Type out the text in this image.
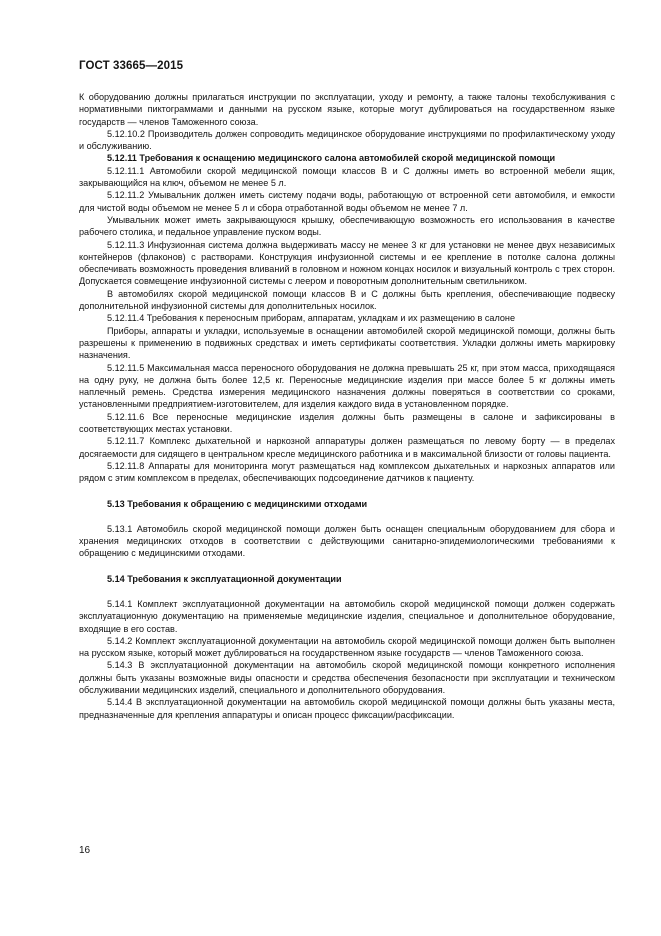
ГОСТ 33665—2015

К оборудованию должны прилагаться инструкции по эксплуатации, уходу и ремонту, а также талоны техобслуживания с нормативными пиктограммами и данными на русском языке, которые могут дублироваться на государственном языке государств — членов Таможенного союза.

5.12.10.2 Производитель должен сопроводить медицинское оборудование инструкциями по профилактическому уходу и обслуживанию.

5.12.11 Требования к оснащению медицинского салона автомобилей скорой медицинской помощи

5.12.11.1 Автомобили скорой медицинской помощи классов В и С должны иметь во встроенной мебели ящик, закрывающийся на ключ, объемом не менее 5 л.

5.12.11.2 Умывальник должен иметь систему подачи воды, работающую от встроенной сети автомобиля, и емкости для чистой воды объемом не менее 5 л и сбора отработанной воды объемом не менее 7 л.

Умывальник может иметь закрывающуюся крышку, обеспечивающую возможность его использования в качестве рабочего столика, и педальное управление пуском воды.

5.12.11.3 Инфузионная система должна выдерживать массу не менее 3 кг для установки не менее двух независимых контейнеров (флаконов) с растворами. Конструкция инфузионной системы и ее крепление в потолке салона должны обеспечивать возможность проведения вливаний в головном и ножном концах носилок и визуальный контроль с трех сторон. Допускается совмещение инфузионной системы с леером и поворотным дополнительным светильником.

В автомобилях скорой медицинской помощи классов В и С должны быть крепления, обеспечивающие подвеску дополнительной инфузионной системы для дополнительных носилок.

5.12.11.4 Требования к переносным приборам, аппаратам, укладкам и их размещению в салоне

Приборы, аппараты и укладки, используемые в оснащении автомобилей скорой медицинской помощи, должны быть разрешены к применению в подвижных средствах и иметь сертификаты соответствия. Укладки должны иметь маркировку назначения.

5.12.11.5 Максимальная масса переносного оборудования не должна превышать 25 кг, при этом масса, приходящаяся на одну руку, не должна быть более 12,5 кг. Переносные медицинские изделия при массе более 5 кг должны иметь наплечный ремень. Средства измерения медицинского назначения должны поверяться в соответствии со сроками, установленными предприятием-изготовителем, для изделия каждого вида в установленном порядке.

5.12.11.6 Все переносные медицинские изделия должны быть размещены в салоне и зафиксированы в соответствующих местах установки.

5.12.11.7 Комплекс дыхательной и наркозной аппаратуры должен размещаться по левому борту — в пределах досягаемости для сидящего в центральном кресле медицинского работника и в максимальной близости от головы пациента.

5.12.11.8 Аппараты для мониторинга могут размещаться над комплексом дыхательных и наркозных аппаратов или рядом с этим комплексом в пределах, обеспечивающих подсоединение датчиков к пациенту.

5.13 Требования к обращению с медицинскими отходами

5.13.1 Автомобиль скорой медицинской помощи должен быть оснащен специальным оборудованием для сбора и хранения медицинских отходов в соответствии с действующими санитарно-эпидемиологическими требованиями к обращению с медицинскими отходами.

5.14 Требования к эксплуатационной документации

5.14.1 Комплект эксплуатационной документации на автомобиль скорой медицинской помощи должен содержать эксплуатационную документацию на применяемые медицинские изделия, специальное и дополнительное оборудование, входящие в его состав.

5.14.2 Комплект эксплуатационной документации на автомобиль скорой медицинской помощи должен быть выполнен на русском языке, который может дублироваться на государственном языке государств — членов Таможенного союза.

5.14.3 В эксплуатационной документации на автомобиль скорой медицинской помощи конкретного исполнения должны быть указаны возможные виды опасности и средства обеспечения безопасности при эксплуатации и техническом обслуживании медицинских изделий, специального и дополнительного оборудования.

5.14.4 В эксплуатационной документации на автомобиль скорой медицинской помощи должны быть указаны места, предназначенные для крепления аппаратуры и описан процесс фиксации/расфиксации.

16
